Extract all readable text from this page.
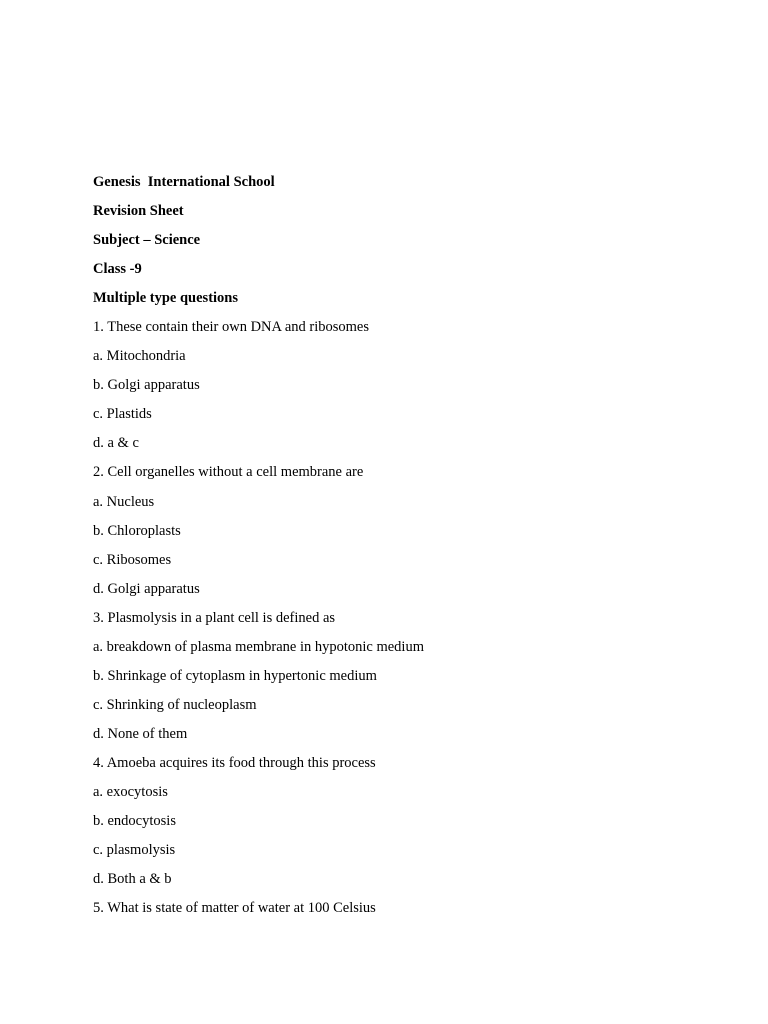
Genesis  International School
Revision Sheet
Subject – Science
Class -9
Multiple type questions
1. These contain their own DNA and ribosomes
a. Mitochondria
b. Golgi apparatus
c. Plastids
d. a & c
2. Cell organelles without a cell membrane are
a. Nucleus
b. Chloroplasts
c. Ribosomes
d. Golgi apparatus
3. Plasmolysis in a plant cell is defined as
a. breakdown of plasma membrane in hypotonic medium
b. Shrinkage of cytoplasm in hypertonic medium
c. Shrinking of nucleoplasm
d. None of them
4. Amoeba acquires its food through this process
a. exocytosis
b. endocytosis
c. plasmolysis
d. Both a & b
5. What is state of matter of water at 100 Celsius
